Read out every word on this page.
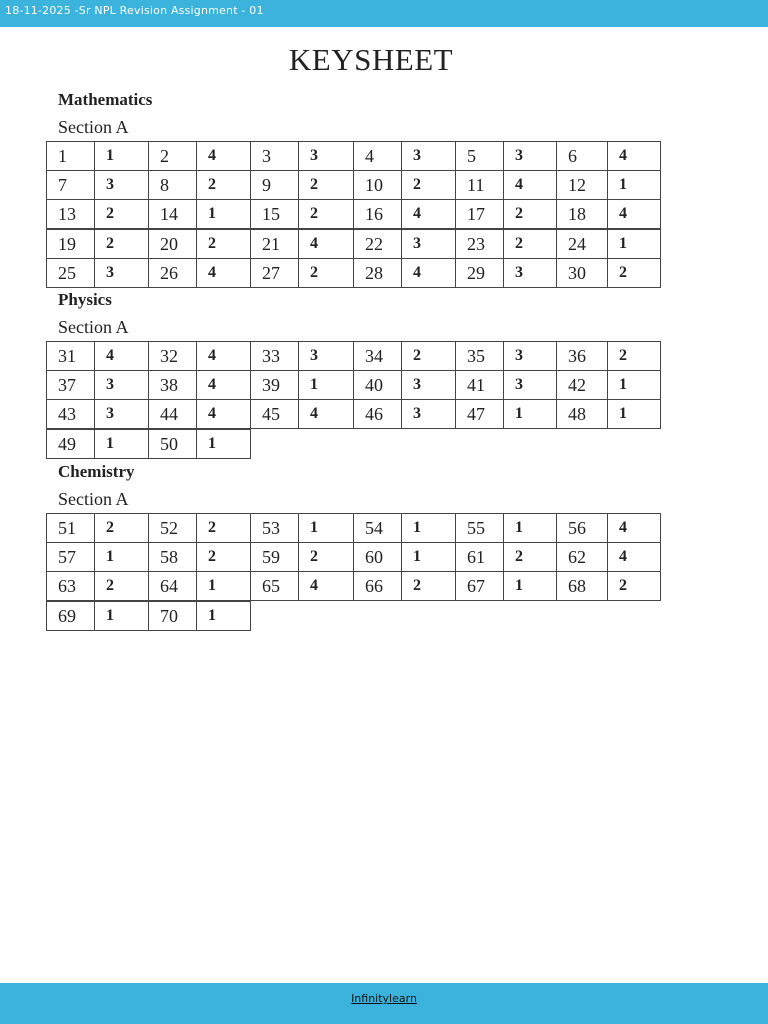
18-11-2025 -Sr NPL Revision Assignment - 01
KEYSHEET
Mathematics
Section A
1	1	2	4	3	3	4	3	5	3	6	4
7	3	8	2	9	2	10	2	11	4	12	1
13	2	14	1	15	2	16	4	17	2	18	4
19	2	20	2	21	4	22	3	23	2	24	1
25	3	26	4	27	2	28	4	29	3	30	2
Physics
Section A
31	4	32	4	33	3	34	2	35	3	36	2
37	3	38	4	39	1	40	3	41	3	42	1
43	3	44	4	45	4	46	3	47	1	48	1
49	1	50	1
Chemistry
Section A
51	2	52	2	53	1	54	1	55	1	56	4
57	1	58	2	59	2	60	1	61	2	62	4
63	2	64	1	65	4	66	2	67	1	68	2
69	1	70	1
Infinitylearn
